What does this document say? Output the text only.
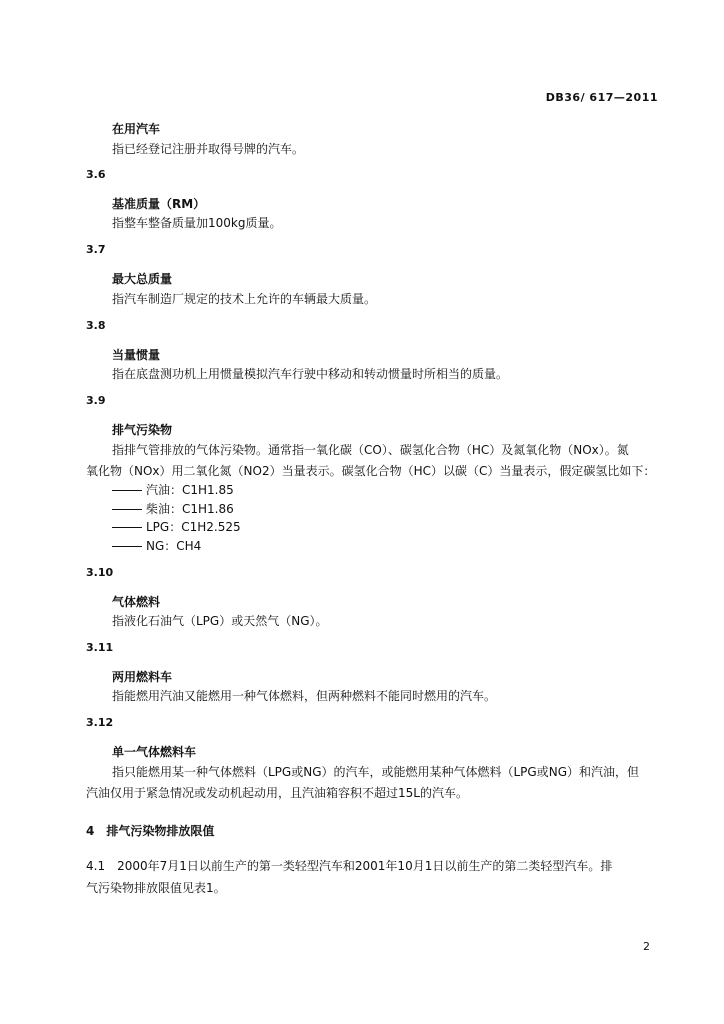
DB36/ 617—2011
在用汽车
指已经登记注册并取得号牌的汽车。
3.6
基准质量（RM）
指整车整备质量加100kg质量。
3.7
最大总质量
指汽车制造厂规定的技术上允许的车辆最大质量。
3.8
当量惯量
指在底盘测功机上用惯量模拟汽车行驶中移动和转动惯量时所相当的质量。
3.9
排气污染物
指排气管排放的气体污染物。通常指一氧化碳（CO）、碳氢化合物（HC）及氮氧化物（NOx）。氮
氧化物（NOx）用二氧化氮（NO2）当量表示。碳氢化合物（HC）以碳（C）当量表示，假定碳氢比如下：
汽油：C1H1.85
柴油：C1H1.86
LPG：C1H2.525
NG：CH4
3.10
气体燃料
指液化石油气（LPG）或天然气（NG）。
3.11
两用燃料车
指能燃用汽油又能燃用一种气体燃料，但两种燃料不能同时燃用的汽车。
3.12
单一气体燃料车
指只能燃用某一种气体燃料（LPG或NG）的汽车，或能燃用某种气体燃料（LPG或NG）和汽油，但
汽油仅用于紧急情况或发动机起动用，且汽油箱容积不超过15L的汽车。
4　排气污染物排放限值
4.1　2000年7月1日以前生产的第一类轻型汽车和2001年10月1日以前生产的第二类轻型汽车。排
气污染物排放限值见表1。
2
